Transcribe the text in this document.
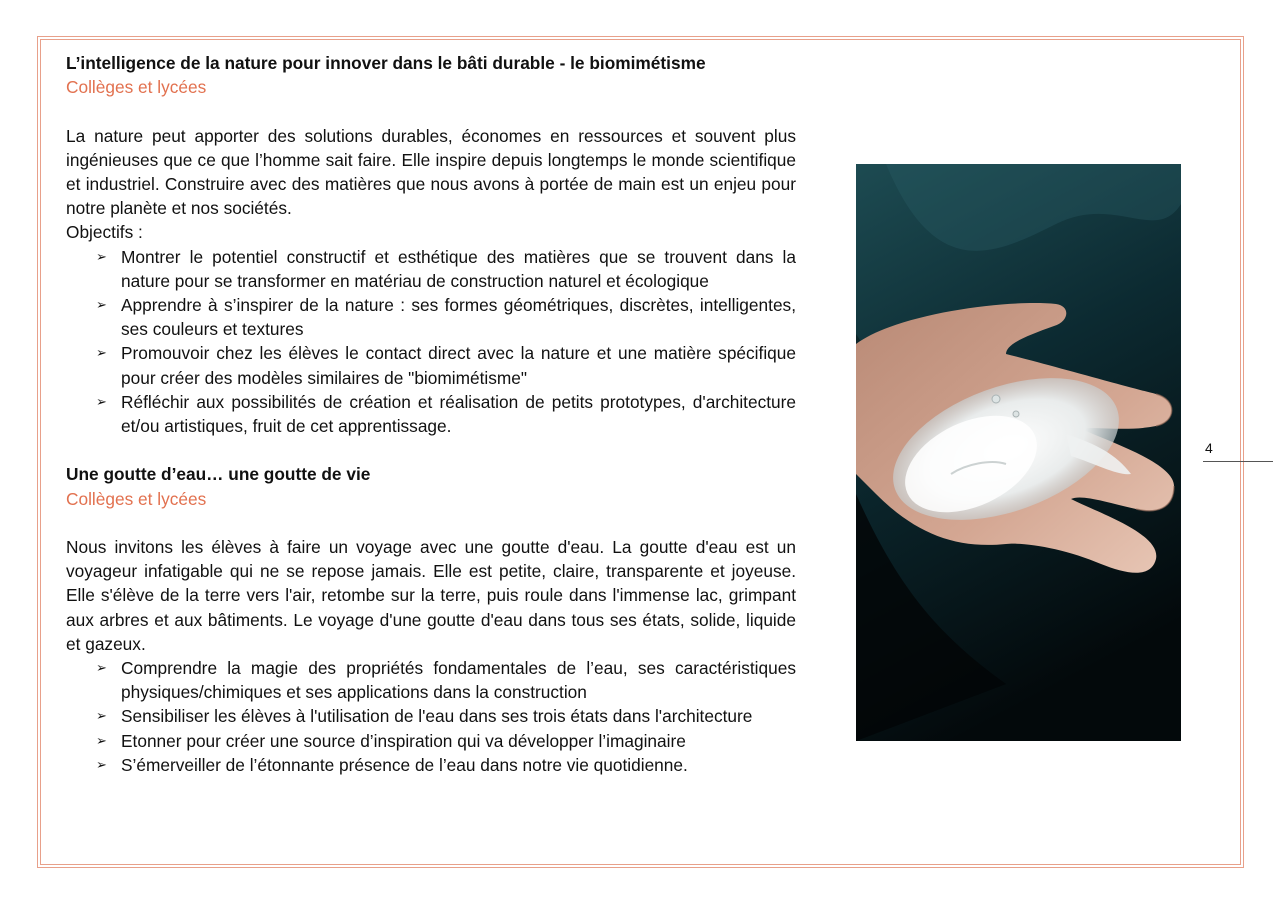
L’intelligence de la nature pour innover dans le bâti durable - le biomimétisme

Collèges et lycées

La nature peut apporter des solutions durables, économes en ressources et souvent plus ingénieuses que ce que l’homme sait faire. Elle inspire depuis longtemps le monde scientifique et industriel. Construire avec des matières que nous avons à portée de main est un enjeu pour notre planète et nos sociétés.

Objectifs :

➢ Montrer le potentiel constructif et esthétique des matières que se trouvent dans la nature pour se transformer en matériau de construction naturel et écologique
➢ Apprendre à s’inspirer de la nature : ses formes géométriques, discrètes, intelligentes, ses couleurs et textures
➢ Promouvoir chez les élèves le contact direct avec la nature et une matière spécifique pour créer des modèles similaires de "biomimétisme"
➢ Réfléchir aux possibilités de création et réalisation de petits prototypes, d'architecture et/ou artistiques, fruit de cet apprentissage.

Une goutte d’eau… une goutte de vie

Collèges et lycées

Nous invitons les élèves à faire un voyage avec une goutte d'eau. La goutte d'eau est un voyageur infatigable qui ne se repose jamais. Elle est petite, claire, transparente et joyeuse. Elle s'élève de la terre vers l'air, retombe sur la terre, puis roule dans l'immense lac, grimpant aux arbres et aux bâtiments. Le voyage d'une goutte d'eau dans tous ses états, solide, liquide et gazeux.

➢ Comprendre la magie des propriétés fondamentales de l’eau, ses caractéristiques physiques/chimiques et ses applications dans la construction
➢ Sensibiliser les élèves à l'utilisation de l'eau dans ses trois états dans l'architecture
➢ Etonner pour créer une source d’inspiration qui va développer l’imaginaire
➢ S’émerveiller de l’étonnante présence de l’eau dans notre vie quotidienne.
4
